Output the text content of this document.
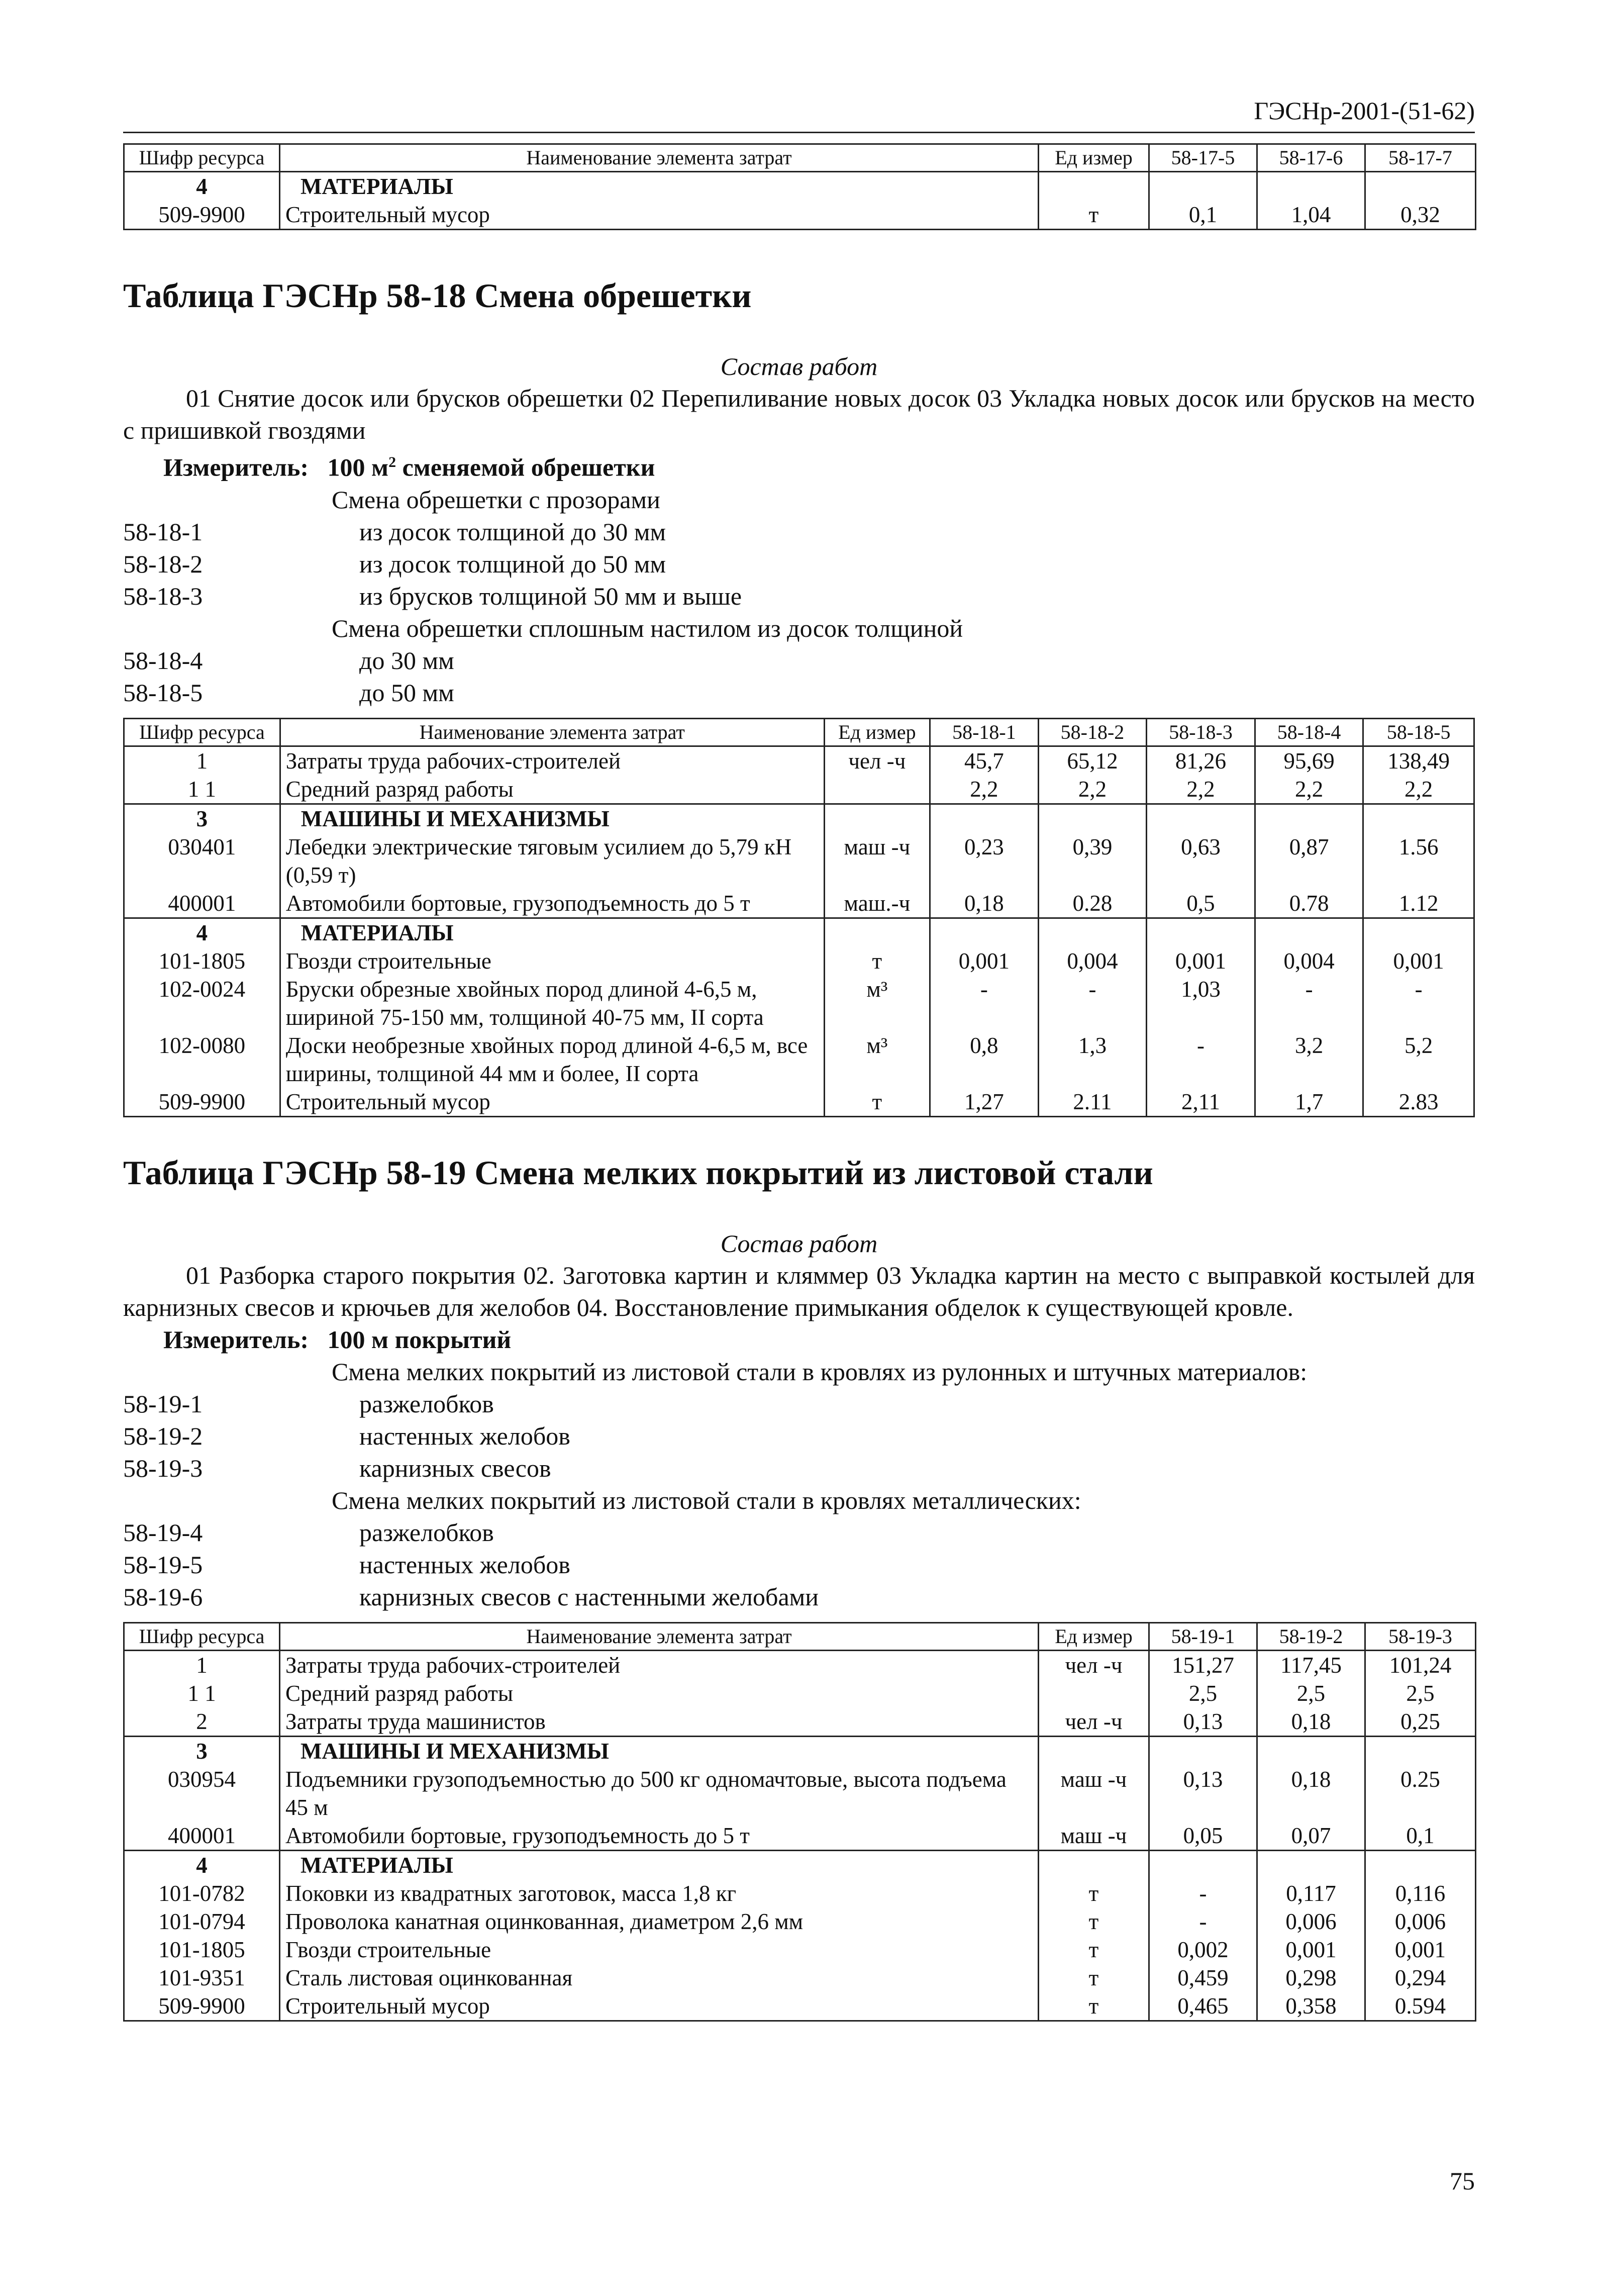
ГЭСНр-2001-(51-62)
Шифр ресурса	Наименование элемента затрат	Ед измер	58-17-5	58-17-6	58-17-7
4	МАТЕРИАЛЫ				
509-9900	Строительный мусор	т	0,1	1,04	0,32
Таблица ГЭСНр 58-18 Смена обрешетки
Состав работ
01 Снятие досок или брусков обрешетки 02 Перепиливание новых досок 03 Укладка новых досок или брусков на место с пришивкой гвоздями
Измеритель: 100 $м^2$ сменяемой обрешетки
Смена обрешетки с прозорами
58-18-1	из досок толщиной до 30 мм
58-18-2	из досок толщиной до 50 мм
58-18-3	из брусков толщиной 50 мм и выше
Смена обрешетки сплошным настилом из досок толщиной
58-18-4	до 30 мм
58-18-5	до 50 мм
Шифр ресурса	Наименование элемента затрат	Ед измер	58-18-1	58-18-2	58-18-3	58-18-4	58-18-5
1	Затраты труда рабочих-строителей	чел -ч	45,7	65,12	81,26	95,69	138,49
1 1	Средний разряд работы		2,2	2,2	2,2	2,2	2,2
3	МАШИНЫ И МЕХАНИЗМЫ						
030401	Лебедки электрические тяговым усилием до 5,79 кН (0,59 т)	маш -ч	0,23	0,39	0,63	0,87	1.56
400001	Автомобили бортовые, грузоподъемность до 5 т	маш.-ч	0,18	0.28	0,5	0.78	1.12
4	МАТЕРИАЛЫ						
101-1805	Гвозди строительные	т	0,001	0,004	0,001	0,004	0,001
102-0024	Бруски обрезные хвойных пород длиной 4-6,5 м, шириной 75-150 мм, толщиной 40-75 мм, II сорта	м³	-	-	1,03	-	-
102-0080	Доски необрезные хвойных пород длиной 4-6,5 м, все ширины, толщиной 44 мм и более, II сорта	м³	0,8	1,3	-	3,2	5,2
509-9900	Строительный мусор	т	1,27	2.11	2,11	1,7	2.83
Таблица ГЭСНр 58-19 Смена мелких покрытий из листовой стали
Состав работ
01 Разборка старого покрытия 02. Заготовка картин и кляммер 03 Укладка картин на место с выправкой костылей для карнизных свесов и крючьев для желобов 04. Восстановление примыкания обделок к существующей кровле.
Измеритель: 100 м покрытий
Смена мелких покрытий из листовой стали в кровлях из рулонных и штучных материалов:
58-19-1	разжелобков
58-19-2	настенных желобов
58-19-3	карнизных свесов
Смена мелких покрытий из листовой стали в кровлях металлических:
58-19-4	разжелобков
58-19-5	настенных желобов
58-19-6	карнизных свесов с настенными желобами
Шифр ресурса	Наименование элемента затрат	Ед измер	58-19-1	58-19-2	58-19-3
1	Затраты труда рабочих-строителей	чел -ч	151,27	117,45	101,24
1 1	Средний разряд работы		2,5	2,5	2,5
2	Затраты труда машинистов	чел -ч	0,13	0,18	0,25
3	МАШИНЫ И МЕХАНИЗМЫ				
030954	Подъемники грузоподъемностью до 500 кг одномачтовые, высота подъема 45 м	маш -ч	0,13	0,18	0.25
400001	Автомобили бортовые, грузоподъемность до 5 т	маш -ч	0,05	0,07	0,1
4	МАТЕРИАЛЫ				
101-0782	Поковки из квадратных заготовок, масса 1,8 кг	т	-	0,117	0,116
101-0794	Проволока канатная оцинкованная, диаметром 2,6 мм	т	-	0,006	0,006
101-1805	Гвозди строительные	т	0,002	0,001	0,001
101-9351	Сталь листовая оцинкованная	т	0,459	0,298	0,294
509-9900	Строительный мусор	т	0,465	0,358	0.594
75
